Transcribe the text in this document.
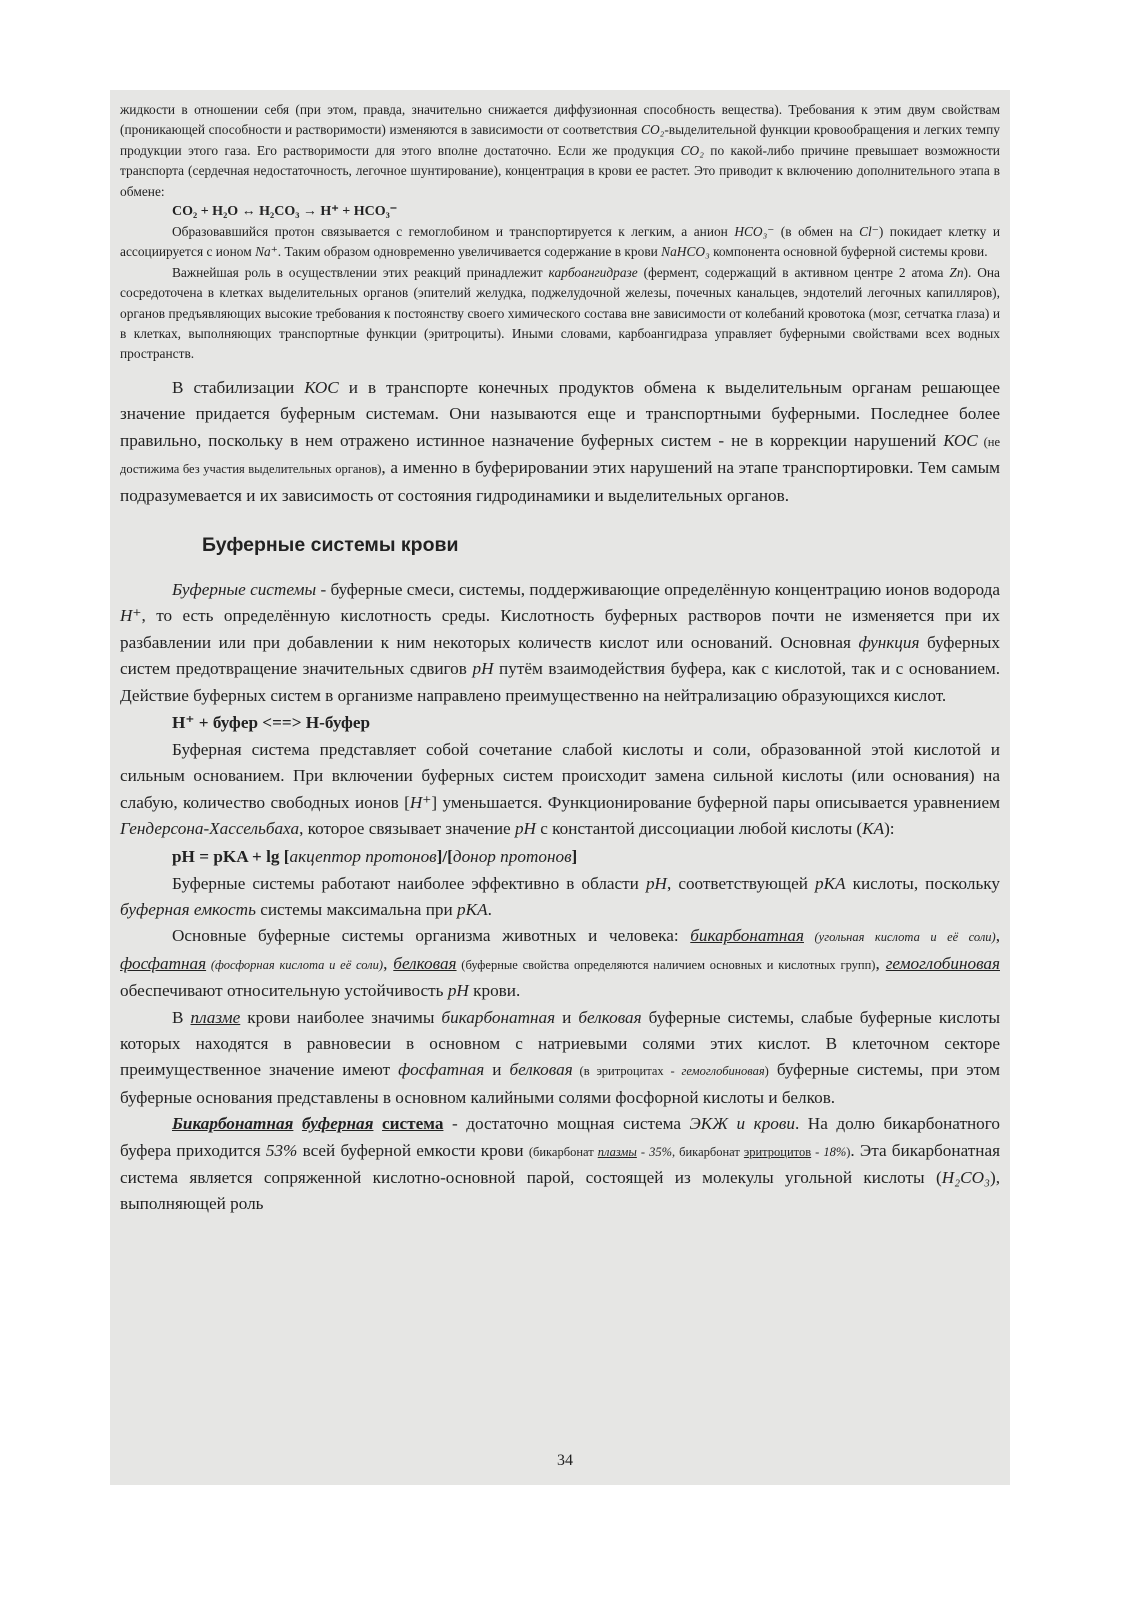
жидкости в отношении себя (при этом, правда, значительно снижается диффузионная способность вещества). Требования к этим двум свойствам (проникающей способности и растворимости) изменяются в зависимости от соответствия CO₂-выделительной функции кровообращения и легких темпу продукции этого газа. Его растворимости для этого вполне достаточно. Если же продукция CO₂ по какой-либо причине превышает возможности транспорта (сердечная недостаточность, легочное шунтирование), концентрация в крови ее растет. Это приводит к включению дополнительного этапа в обмене:

CO₂ + H₂O ↔ H₂CO₃ → H⁺ + HCO₃⁻

Образовавшийся протон связывается с гемоглобином и транспортируется к легким, а анион HCO₃⁻ (в обмен на Cl⁻) покидает клетку и ассоциируется с ионом Na⁺. Таким образом одновременно увеличивается содержание в крови NaHCO₃ компонента основной буферной системы крови.

Важнейшая роль в осуществлении этих реакций принадлежит карбоангидразе (фермент, содержащий в активном центре 2 атома Zn). Она сосредоточена в клетках выделительных органов (эпителий желудка, поджелудочной железы, почечных канальцев, эндотелий легочных капилляров), органов предъявляющих высокие требования к постоянству своего химического состава вне зависимости от колебаний кровотока (мозг, сетчатка глаза) и в клетках, выполняющих транспортные функции (эритроциты). Иными словами, карбоангидраза управляет буферными свойствами всех водных пространств.

В стабилизации КОС и в транспорте конечных продуктов обмена к выделительным органам решающее значение придается буферным системам. Они называются еще и транспортными буферными. Последнее более правильно, поскольку в нем отражено истинное назначение буферных систем - не в коррекции нарушений КОС (не достижима без участия выделительных органов), а именно в буферировании этих нарушений на этапе транспортировки. Тем самым подразумевается и их зависимость от состояния гидродинамики и выделительных органов.

Буферные системы крови

Буферные системы - буферные смеси, системы, поддерживающие определённую концентрацию ионов водорода H⁺, то есть определённую кислотность среды. Кислотность буферных растворов почти не изменяется при их разбавлении или при добавлении к ним некоторых количеств кислот или оснований. Основная функция буферных систем предотвращение значительных сдвигов pH путём взаимодействия буфера, как с кислотой, так и с основанием. Действие буферных систем в организме направлено преимущественно на нейтрализацию образующихся кислот.

H⁺ + буфер <==> H-буфер

Буферная система представляет собой сочетание слабой кислоты и соли, образованной этой кислотой и сильным основанием. При включении буферных систем происходит замена сильной кислоты (или основания) на слабую, количество свободных ионов [H⁺] уменьшается. Функционирование буферной пары описывается уравнением Гендерсона-Хассельбаха, которое связывает значение pH с константой диссоциации любой кислоты (КА):

pH = pKA + lg [акцептор протонов]/[донор протонов]

Буферные системы работают наиболее эффективно в области pH, соответствующей pKA кислоты, поскольку буферная емкость системы максимальна при pKA.

Основные буферные системы организма животных и человека: бикарбонатная (угольная кислота и её соли), фосфатная (фосфорная кислота и её соли), белковая (буферные свойства определяются наличием основных и кислотных групп), гемоглобиновая обеспечивают относительную устойчивость pH крови.

В плазме крови наиболее значимы бикарбонатная и белковая буферные системы, слабые буферные кислоты которых находятся в равновесии в основном с натриевыми солями этих кислот. В клеточном секторе преимущественное значение имеют фосфатная и белковая (в эритроцитах - гемоглобиновая) буферные системы, при этом буферные основания представлены в основном калийными солями фосфорной кислоты и белков.

Бикарбонатная буферная система - достаточно мощная система ЭКЖ и крови. На долю бикарбонатного буфера приходится 53% всей буферной емкости крови (бикарбонат плазмы - 35%, бикарбонат эритроцитов - 18%). Эта бикарбонатная система является сопряженной кислотно-основной парой, состоящей из молекулы угольной кислоты (H₂CO₃), выполняющей роль

34
